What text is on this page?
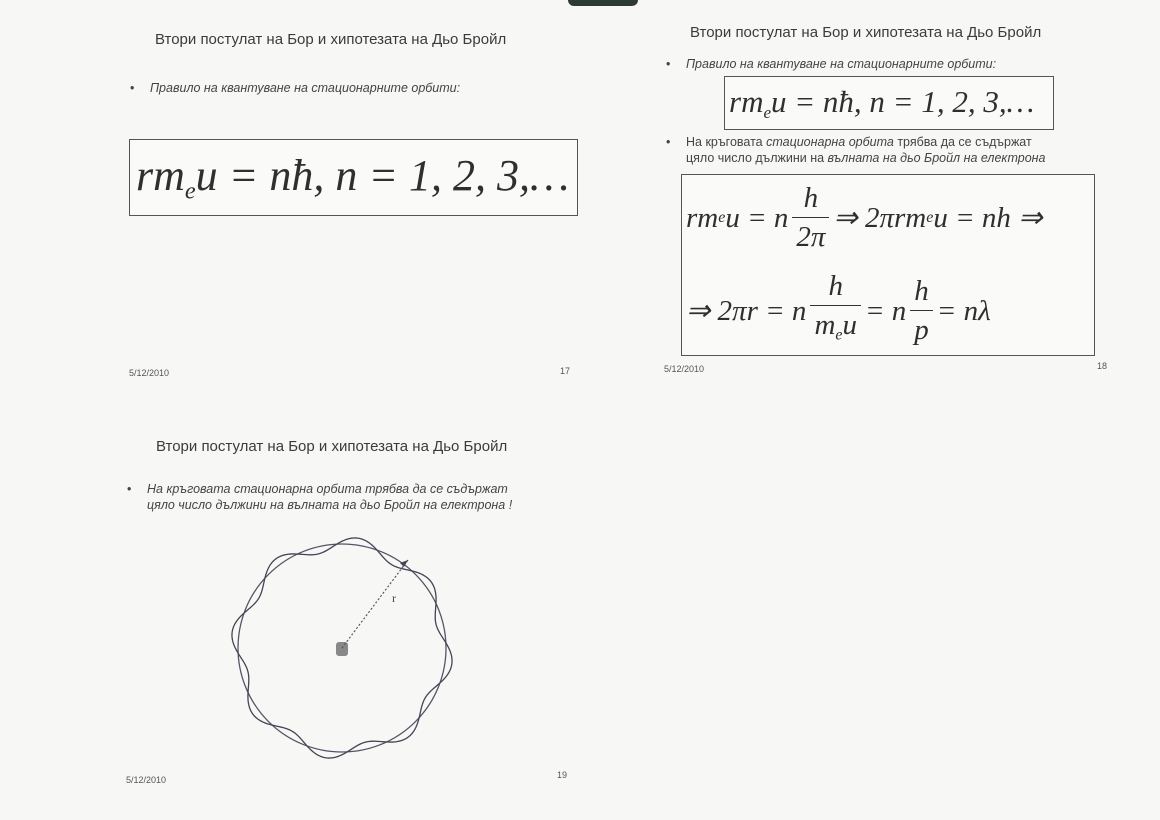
Втори постулат на Бор и хипотезата на Дьо Бройл
• Правило на квантуване на стационарните орбити:
$rm_eu$ = nħ, n = 1, 2, 3,…
5/12/2010	17
Втори постулат на Бор и хипотезата на Дьо Бройл
• Правило на квантуване на стационарните орбити:
$rm_eu$ = nħ, n = 1, 2, 3,…
• На кръговата стационарна орбита трябва да се съдържат
цяло число дължини на вълната на дьо Бройл на електрона
rm e u = n $\frac{h}{2\pi}$ ⇒ 2πrm e u = nh ⇒
⇒ 2πr = n $\frac{h}{m_eu} = n \frac{h}{p} = n\lambda$
5/12/2010	18
Втори постулат на Бор и хипотезата на Дьо Бройл
• На кръговата стационарна орбита трябва да се съдържат
цяло число дължини на вълната на дьо Бройл на електрона !
r
5/12/2010	19
